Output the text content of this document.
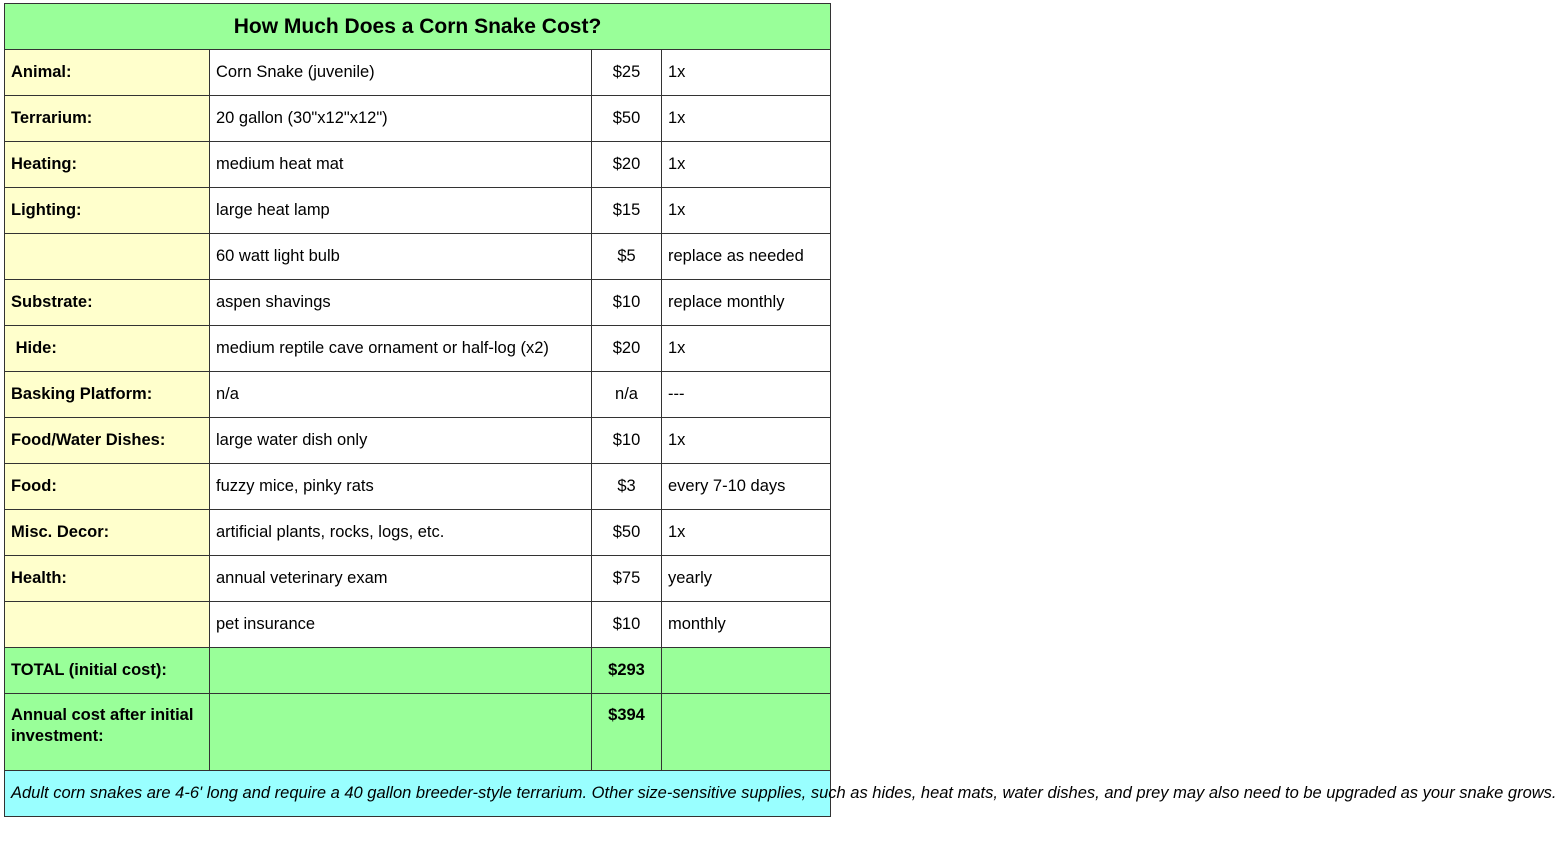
How Much Does a Corn Snake Cost?			
Animal:	Corn Snake (juvenile)	$25	1x
Terrarium:	20 gallon (30"x12"x12")	$50	1x
Heating:	medium heat mat	$20	1x
Lighting:	large heat lamp	$15	1x
	60 watt light bulb	$5	replace as needed
Substrate:	aspen shavings	$10	replace monthly
Hide:	medium reptile cave ornament or half-log (x2)	$20	1x
Basking Platform:	n/a	n/a	---
Food/Water Dishes:	large water dish only	$10	1x
Food:	fuzzy mice, pinky rats	$3	every 7-10 days
Misc. Decor:	artificial plants, rocks, logs, etc.	$50	1x
Health:	annual veterinary exam	$75	yearly
	pet insurance	$10	monthly
TOTAL (initial cost):		$293	
Annual cost after initial investment:		$394	
Adult corn snakes are 4-6' long and require a 40 gallon breeder-style terrarium. Other size-sensitive supplies, such as hides, heat mats, water dishes, and prey may also need to be upgraded as your snake grows.			
